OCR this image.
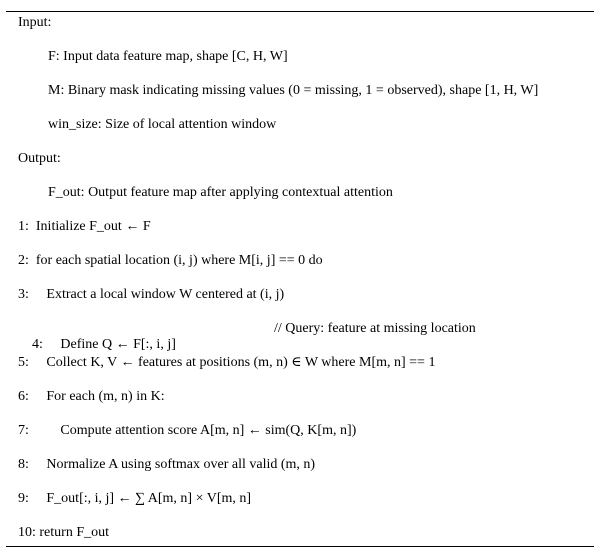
Input:
F: Input data feature map, shape [C, H, W]
M: Binary mask indicating missing values (0 = missing, 1 = observed), shape [1, H, W]
win_size: Size of local attention window
Output:
F_out: Output feature map after applying contextual attention
1:  Initialize F_out ← F
2:  for each spatial location (i, j) where M[i, j] == 0 do
3:     Extract a local window W centered at (i, j)

4:     Define Q ← F[:, i, j]

// Query: feature at missing location

5:     Collect K, V ← features at positions (m, n) ∈ W where M[m, n] == 1
6:     For each (m, n) in K:
7:         Compute attention score A[m, n] ← sim(Q, K[m, n])
8:     Normalize A using softmax over all valid (m, n)
9:     F_out[:, i, j] ← ∑ A[m, n] × V[m, n]
10: return F_out
